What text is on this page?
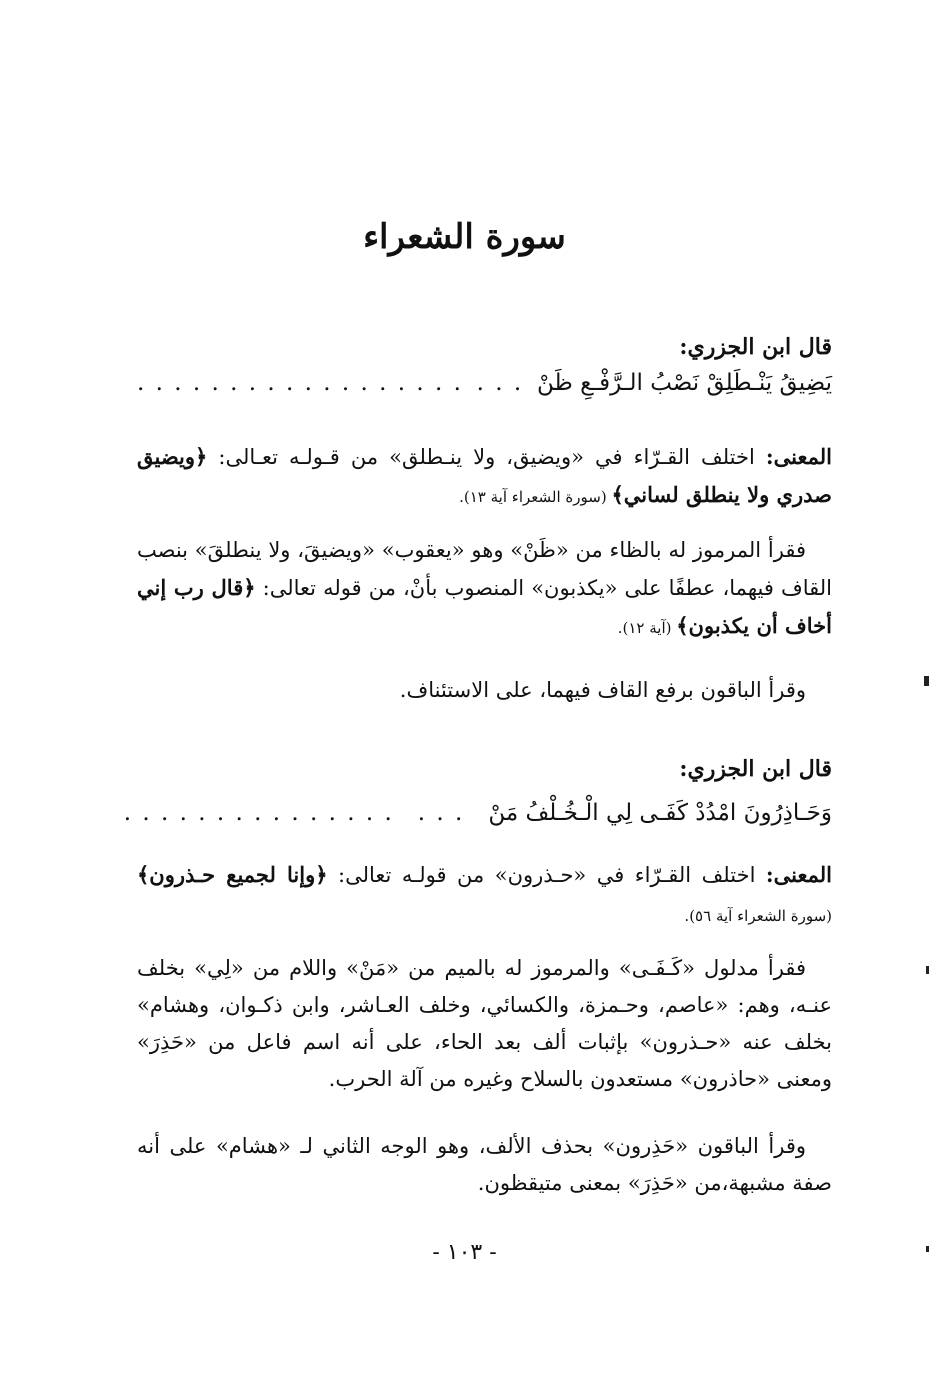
سورة الشعراء
قال ابن الجزري:
يَضِيقُ يَنْـطَلِقْ نَصْبُ الـرَّفْـعِ ظَنْ
. . .
. . . . . . . . . . . . . . . . . .

المعنى: اختلف القـرّاء في «ويضيق، ولا ينـطلق» من قـولـه تعـالى: ﴿ويضيق صدري ولا ينطلق لساني﴾ (سورة الشعراء آية ١٣).

فقرأ المرموز له بالظاء من «ظَنْ» وهو «يعقوب» «ويضيقَ، ولا ينطلقَ» بنصب القاف فيهما، عطفًا على «يكذبون» المنصوب بأنْ، من قوله تعالى: ﴿قال رب إني أخاف أن يكذبون﴾ (آية ١٢).

وقرأ الباقون برفع القاف فيهما، على الاستئناف.

قال ابن الجزري:
وَحَـاذِرُونَ امْدُدْ كَفَـى لِي الْـخُـلْفُ مَنْ
. . .
. . . . . . . . . . . . . . .

المعنى: اختلف القـرّاء في «حـذرون» من قولـه تعالى: ﴿وإنا لجميع حـذرون﴾ (سورة الشعراء آية ٥٦).

فقرأ مدلول «كَـفَـى» والمرموز له بالميم من «مَنْ» واللام من «لِي» بخلف عنـه، وهم: «عاصم، وحـمزة، والكسائي، وخلف العـاشر، وابن ذكـوان، وهشام» بخلف عنه «حـذرون» بإثبات ألف بعد الحاء، على أنه اسم فاعل من «حَذِرَ» ومعنى «حاذرون» مستعدون بالسلاح وغيره من آلة الحرب.

وقرأ الباقون «حَذِرون» بحذف الألف، وهو الوجه الثاني لـ «هشام» على أنه صفة مشبهة،من «حَذِرَ» بمعنى متيقظون.

- ١٠٣ -
